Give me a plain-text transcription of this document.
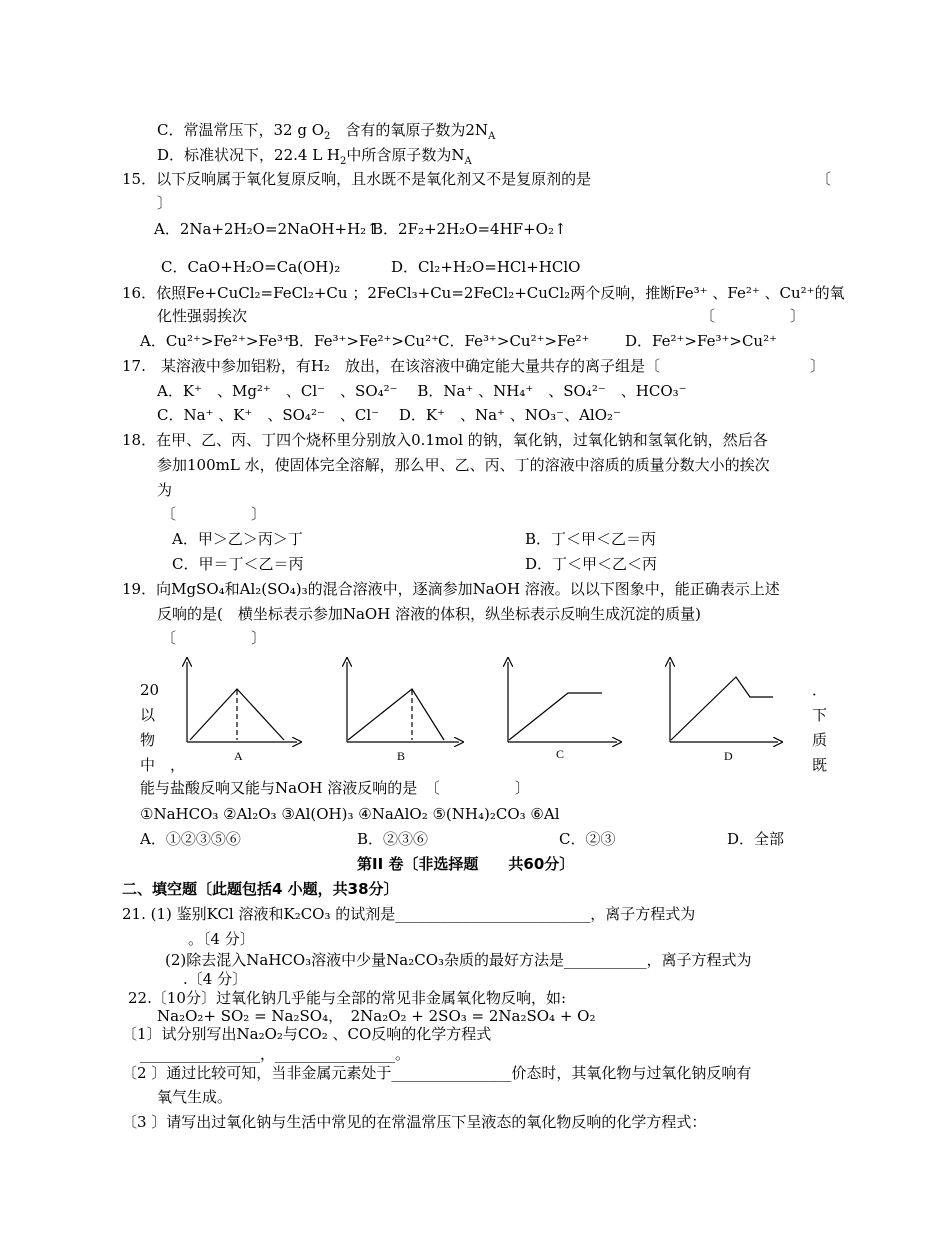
C．常温常压下，32 g $O_2$　含有的氧原子数为$2N_A$
D．标准状况下，22.4 L $H_2$中所含原子数为$N_A$
15．以下反响属于氧化复原反响，且水既不是氧化剂又不是复原剂的是	〔
〕
A．2Na+2H₂O=2NaOH+H₂↑
B．2F₂+2H₂O=4HF+O₂↑
C．CaO+H₂O=Ca(OH)₂	D．Cl₂+H₂O=HCl+HClO
16．依照Fe+CuCl₂=FeCl₂+Cu ；2FeCl₃+Cu=2FeCl₂+CuCl₂两个反响，推断Fe³⁺ 、Fe²⁺ 、Cu²⁺的氧
化性强弱挨次	〔　　　　　〕
A．Cu²⁺>Fe²⁺>Fe³⁺
B．Fe³⁺>Fe²⁺>Cu²⁺
C．Fe³⁺>Cu²⁺>Fe²⁺ D．Fe²⁺>Fe³⁺>Cu²⁺
17.　某溶液中参加铝粉，有H₂　放出，在该溶液中确定能大量共存的离子组是〔	〕
A．K⁺　、Mg²⁺　、Cl⁻　、SO₄²⁻　 B．Na⁺ 、NH₄⁺　、SO₄²⁻　、HCO₃⁻
C．Na⁺ 、K⁺　、SO₄²⁻　、Cl⁻　 D．K⁺　、Na⁺ 、NO₃⁻、AlO₂⁻
18．在甲、乙、丙、丁四个烧杯里分别放入0.1mol 的钠，氧化钠，过氧化钠和氢氧化钠，然后各
参加100mL 水，使固体完全溶解，那么甲、乙、丙、丁的溶液中溶质的质量分数大小的挨次
为
〔　　　　　〕
A．甲＞乙＞丙＞丁	B．丁＜甲＜乙＝丙
C．甲＝丁＜乙＝丙	D．丁＜甲＜乙＜丙
19．向MgSO₄和Al₂(SO₄)₃的混合溶液中，逐滴参加NaOH 溶液。以以下图象中，能正确表示上述
反响的是(　横坐标表示参加NaOH 溶液的体积，纵坐标表示反响生成沉淀的质量)
〔　　　　　〕
A	B	C	D
20
以
物
中　，
．
下
质
既
能与盐酸反响又能与NaOH 溶液反响的是　〔　　　　　〕
①NaHCO₃ ②Al₂O₃ ③Al(OH)₃ ④NaAlO₂ ⑤(NH₄)₂CO₃ ⑥Al
A．①②③⑤⑥	B．②③⑥	C．②③	D．全部
第II 卷〔非选择题　　共60分〕
二、填空题〔此题包括4 小题，共38分〕
21. (1) 鉴别KCl 溶液和K₂CO₃ 的试剂是__________________________，离子方程式为
。〔4 分〕
(2)除去混入NaHCO₃溶液中少量Na₂CO₃杂质的最好方法是___________，离子方程式为
.〔4 分〕
22.〔10分〕过氧化钠几乎能与全部的常见非金属氧化物反响，如:
Na₂O₂+ SO₂ = Na₂SO₄，　2Na₂O₂ + 2SO₃ = 2Na₂SO₄ + O₂
〔1〕试分别写出Na₂O₂与CO₂ 、CO反响的化学方程式
________________，________________。
〔2 〕通过比较可知，当非金属元素处于________________价态时，其氧化物与过氧化钠反响有
氧气生成。
〔3 〕请写出过氧化钠与生活中常见的在常温常压下呈液态的氧化物反响的化学方程式：
